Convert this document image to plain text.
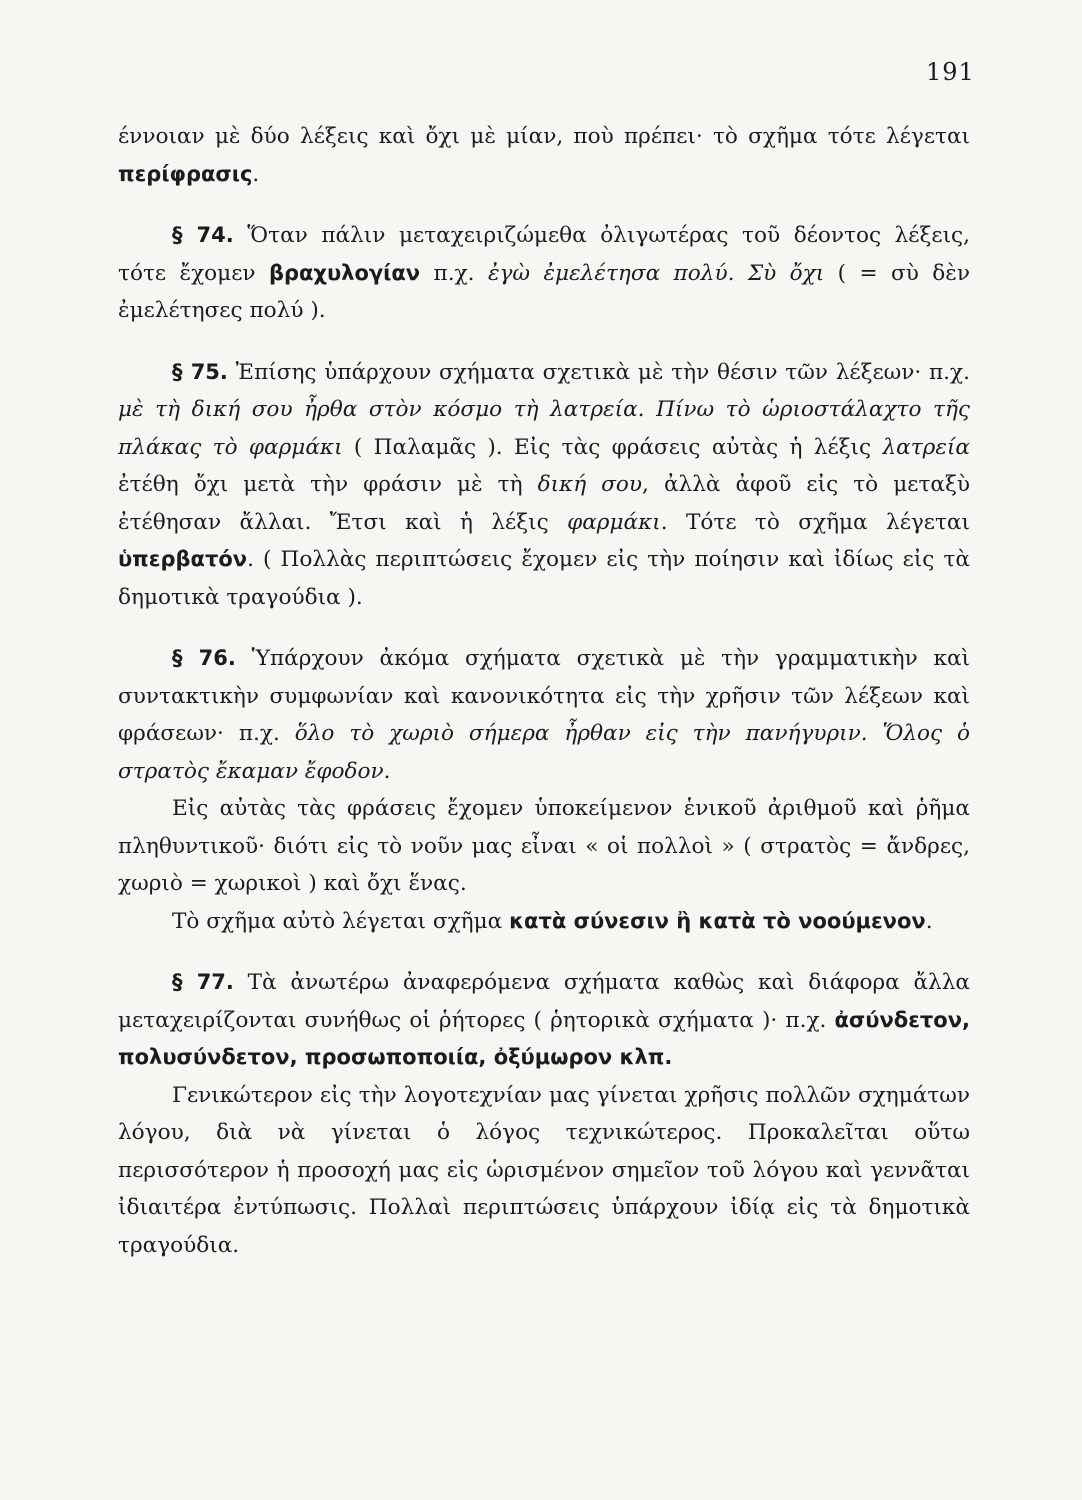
191

έννοιαν μὲ δύο λέξεις καὶ ὄχι μὲ μίαν, ποὺ πρέπει· τὸ σχῆμα τότε λέγεται περίφρασις.

§ 74. Ὅταν πάλιν μεταχειριζώμεθα ὀλιγωτέρας τοῦ δέοντος λέξεις, τότε ἔχομεν βραχυλογίαν π.χ. ἐγὼ ἐμελέτησα πολύ. Σὺ ὄχι ( = σὺ δὲν ἐμελέτησες πολύ ).

§ 75. Ἐπίσης ὑπάρχουν σχήματα σχετικὰ μὲ τὴν θέσιν τῶν λέξεων· π.χ. μὲ τὴ δική σου ἦρθα στὸν κόσμο τὴ λατρεία. Πίνω τὸ ὡριοστάλαχτο τῆς πλάκας τὸ φαρμάκι ( Παλαμᾶς ). Εἰς τὰς φράσεις αὐτὰς ἡ λέξις λατρεία ἐτέθη ὄχι μετὰ τὴν φράσιν μὲ τὴ δική σου, ἀλλὰ ἀφοῦ εἰς τὸ μεταξὺ ἐτέθησαν ἄλλαι. Ἔτσι καὶ ἡ λέξις φαρμάκι. Τότε τὸ σχῆμα λέγεται ὑπερβατόν. ( Πολλὰς περιπτώσεις ἔχομεν εἰς τὴν ποίησιν καὶ ἰδίως εἰς τὰ δημοτικὰ τραγούδια ).

§ 76. Ὑπάρχουν ἀκόμα σχήματα σχετικὰ μὲ τὴν γραμματικὴν καὶ συντακτικὴν συμφωνίαν καὶ κανονικότητα εἰς τὴν χρῆσιν τῶν λέξεων καὶ φράσεων· π.χ. ὅλο τὸ χωριὸ σήμερα ἦρθαν εἰς τὴν πανήγυριν. Ὅλος ὁ στρατὸς ἔκαμαν ἔφοδον.

Εἰς αὐτὰς τὰς φράσεις ἔχομεν ὑποκείμενον ἑνικοῦ ἀριθμοῦ καὶ ῥῆμα πληθυντικοῦ· διότι εἰς τὸ νοῦν μας εἶναι « οἱ πολλοὶ » ( στρατὸς = ἄνδρες, χωριὸ = χωρικοὶ ) καὶ ὄχι ἕνας.

Τὸ σχῆμα αὐτὸ λέγεται σχῆμα κατὰ σύνεσιν ἢ κατὰ τὸ νοούμενον.

§ 77. Τὰ ἀνωτέρω ἀναφερόμενα σχήματα καθὼς καὶ διάφορα ἄλλα μεταχειρίζονται συνήθως οἱ ῥήτορες ( ῥητορικὰ σχήματα )· π.χ. ἀσύνδετον, πολυσύνδετον, προσωποποιία, ὀξύμωρον κλπ.

Γενικώτερον εἰς τὴν λογοτεχνίαν μας γίνεται χρῆσις πολλῶν σχημάτων λόγου, διὰ νὰ γίνεται ὁ λόγος τεχνικώτερος. Προκαλεῖται οὕτω περισσότερον ἡ προσοχή μας εἰς ὡρισμένον σημεῖον τοῦ λόγου καὶ γεννᾶται ἰδιαιτέρα ἐντύπωσις. Πολλαὶ περιπτώσεις ὑπάρχουν ἰδίᾳ εἰς τὰ δημοτικὰ τραγούδια.
